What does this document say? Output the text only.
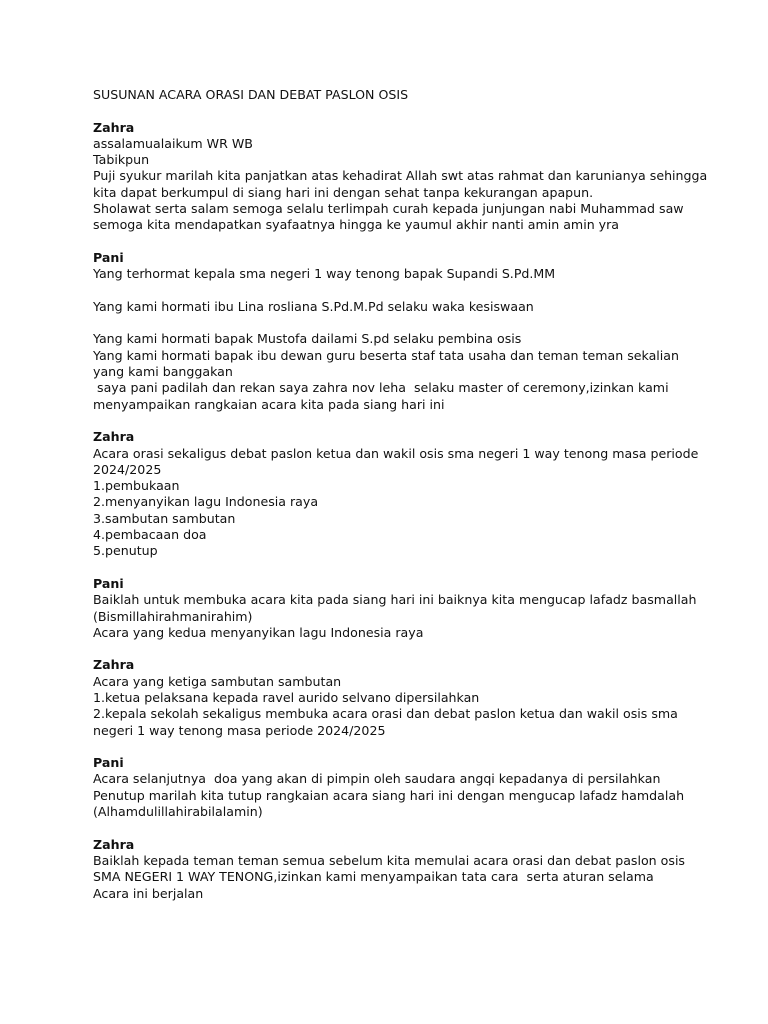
SUSUNAN ACARA ORASI DAN DEBAT PASLON OSIS

Zahra

assalamualaikum WR WB

Tabikpun

Puji syukur marilah kita panjatkan atas kehadirat Allah swt atas rahmat dan karunianya sehingga kita dapat berkumpul di siang hari ini dengan sehat tanpa kekurangan apapun.

Sholawat serta salam semoga selalu terlimpah curah kepada junjungan nabi Muhammad saw semoga kita mendapatkan syafaatnya hingga ke yaumul akhir nanti amin amin yra

Pani

Yang terhormat kepala sma negeri 1 way tenong bapak Supandi S.Pd.MM

Yang kami hormati ibu Lina rosliana S.Pd.M.Pd selaku waka kesiswaan

Yang kami hormati bapak Mustofa dailami S.pd selaku pembina osis

Yang kami hormati bapak ibu dewan guru beserta staf tata usaha dan teman teman sekalian yang kami banggakan

saya pani padilah dan rekan saya zahra nov leha  selaku master of ceremony,izinkan kami menyampaikan rangkaian acara kita pada siang hari ini

Zahra

Acara orasi sekaligus debat paslon ketua dan wakil osis sma negeri 1 way tenong masa periode 2024/2025

1.pembukaan

2.menyanyikan lagu Indonesia raya

3.sambutan sambutan

4.pembacaan doa

5.penutup

Pani

Baiklah untuk membuka acara kita pada siang hari ini baiknya kita mengucap lafadz basmallah (Bismillahirahmanirahim)

Acara yang kedua menyanyikan lagu Indonesia raya

Zahra

Acara yang ketiga sambutan sambutan

1.ketua pelaksana kepada ravel aurido selvano dipersilahkan

2.kepala sekolah sekaligus membuka acara orasi dan debat paslon ketua dan wakil osis sma negeri 1 way tenong masa periode 2024/2025

Pani

Acara selanjutnya  doa yang akan di pimpin oleh saudara angqi kepadanya di persilahkan

Penutup marilah kita tutup rangkaian acara siang hari ini dengan mengucap lafadz hamdalah (Alhamdulillahirabilalamin)

Zahra

Baiklah kepada teman teman semua sebelum kita memulai acara orasi dan debat paslon osis SMA NEGERI 1 WAY TENONG,izinkan kami menyampaikan tata cara  serta aturan selama

Acara ini berjalan
